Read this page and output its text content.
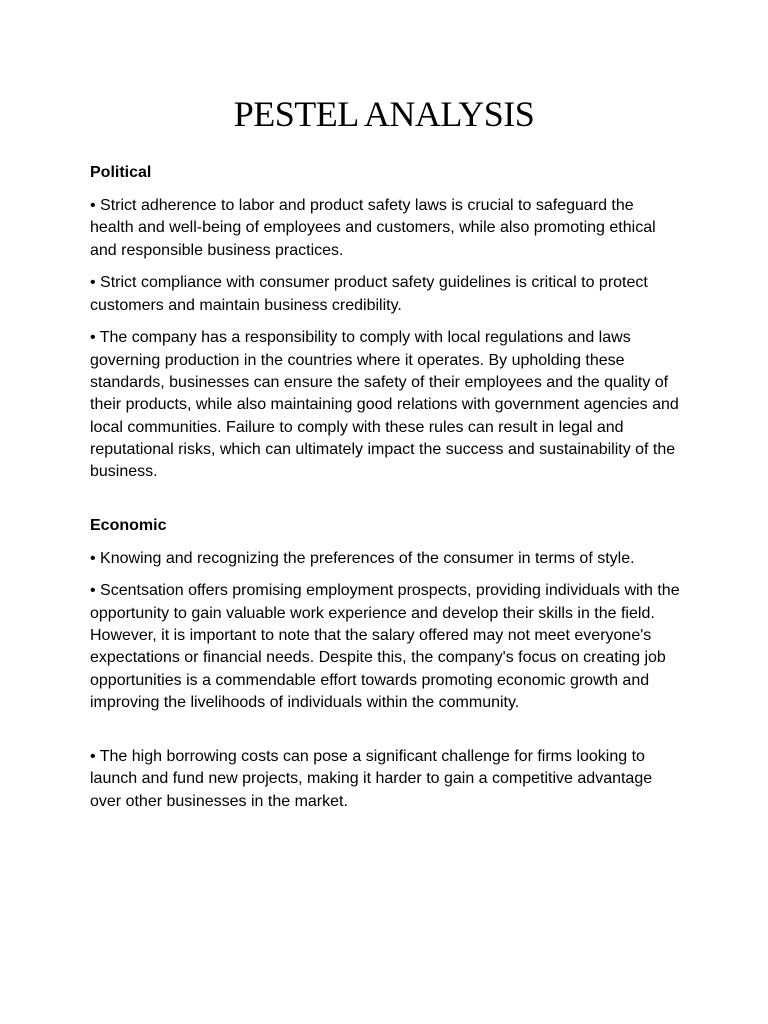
PESTEL ANALYSIS
Political

• Strict adherence to labor and product safety laws is crucial to safeguard the health and well-being of employees and customers, while also promoting ethical and responsible business practices.

• Strict compliance with consumer product safety guidelines is critical to protect customers and maintain business credibility.

• The company has a responsibility to comply with local regulations and laws governing production in the countries where it operates. By upholding these standards, businesses can ensure the safety of their employees and the quality of their products, while also maintaining good relations with government agencies and local communities. Failure to comply with these rules can result in legal and reputational risks, which can ultimately impact the success and sustainability of the business.

Economic

• Knowing and recognizing the preferences of the consumer in terms of style.

• Scentsation offers promising employment prospects, providing individuals with the opportunity to gain valuable work experience and develop their skills in the field. However, it is important to note that the salary offered may not meet everyone's expectations or financial needs. Despite this, the company's focus on creating job opportunities is a commendable effort towards promoting economic growth and improving the livelihoods of individuals within the community.

• The high borrowing costs can pose a significant challenge for firms looking to launch and fund new projects, making it harder to gain a competitive advantage over other businesses in the market.
